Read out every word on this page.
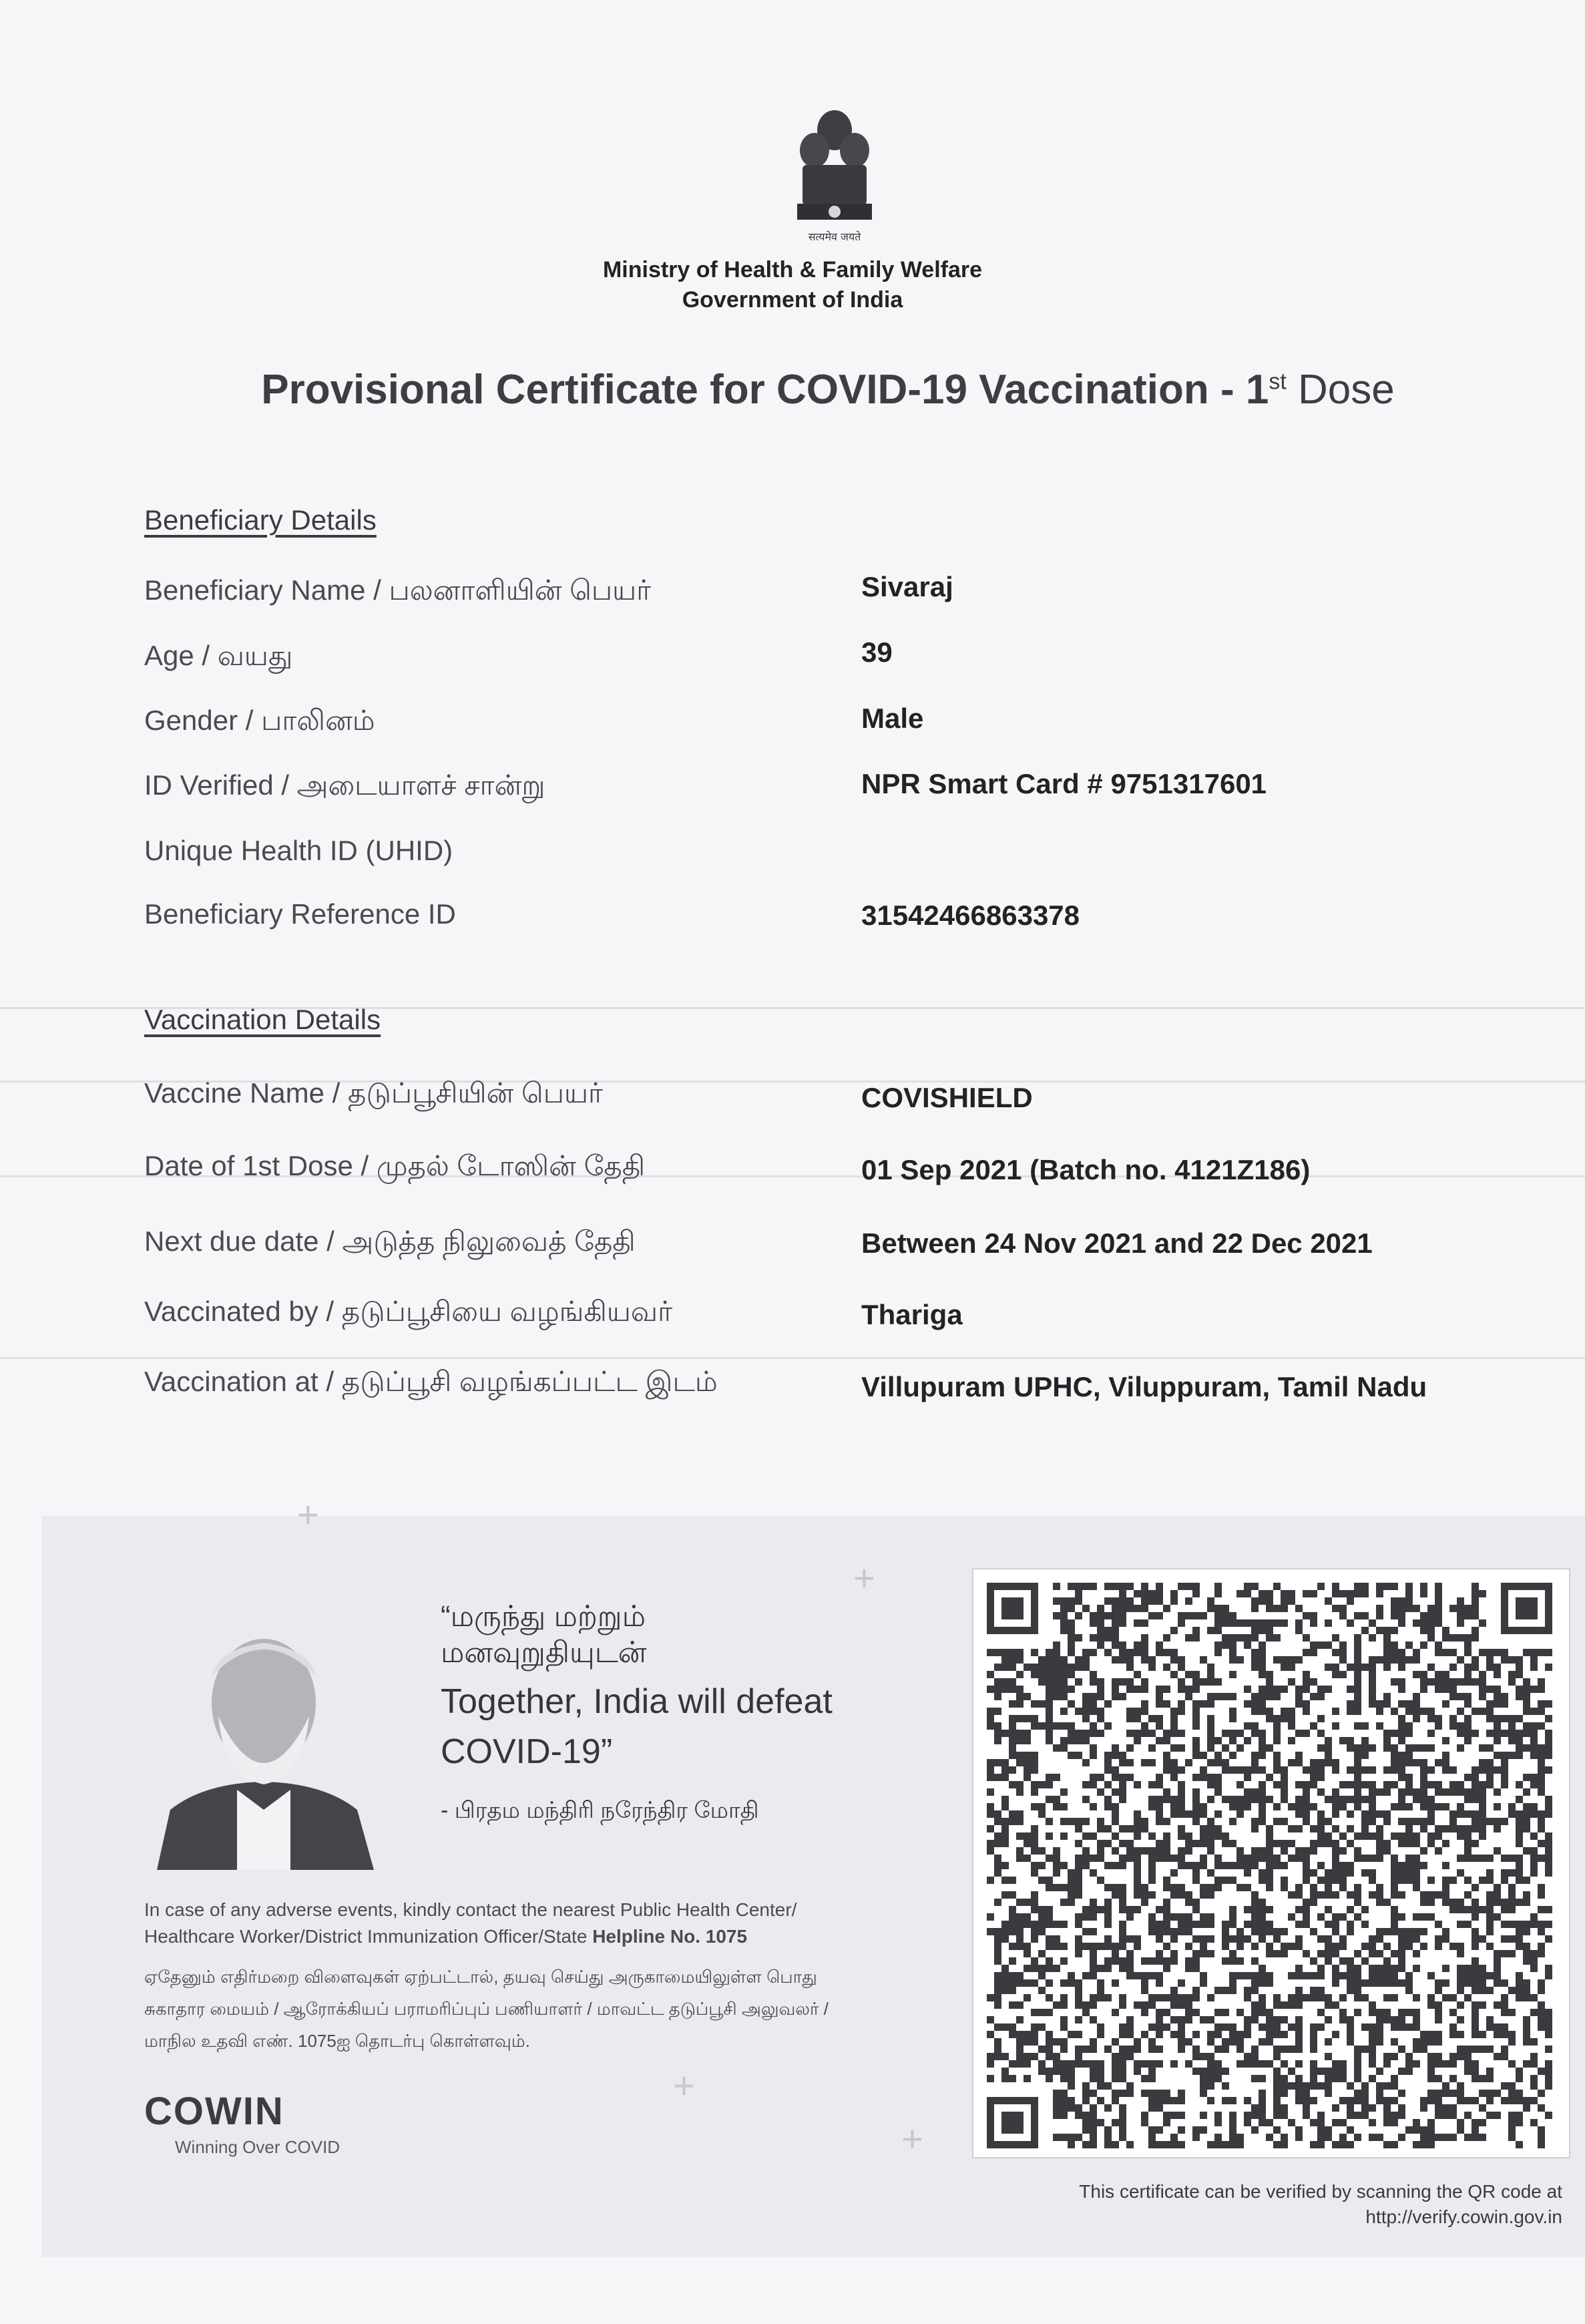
सत्यमेव जयते
Ministry of Health & Family Welfare
Government of India
Provisional Certificate for COVID-19 Vaccination - 1st Dose
Beneficiary Details
Beneficiary Name / பலனாளியின் பெயர்	Sivaraj
Age / வயது	39
Gender / பாலினம்	Male
ID Verified / அடையாளச் சான்று	NPR Smart Card # 9751317601
Unique Health ID (UHID)
Beneficiary Reference ID	31542466863378
Vaccination Details
Vaccine Name / தடுப்பூசியின் பெயர்	COVISHIELD
Date of 1st Dose / முதல் டோஸின் தேதி	01 Sep 2021 (Batch no. 4121Z186)
Next due date / அடுத்த நிலுவைத் தேதி	Between 24 Nov 2021 and 22 Dec 2021
Vaccinated by / தடுப்பூசியை வழங்கியவர்	Thariga
Vaccination at / தடுப்பூசி வழங்கப்பட்ட இடம்	Villupuram UPHC, Viluppuram, Tamil Nadu
+
+
+
+
“மருந்து மற்றும்
மனவுறுதியுடன்
Together, India will defeat
COVID-19”
- பிரதம மந்திரி நரேந்திர மோதி
In case of any adverse events, kindly contact the nearest Public Health Center/
Healthcare Worker/District Immunization Officer/State Helpline No. 1075
ஏதேனும் எதிர்மறை விளைவுகள் ஏற்பட்டால், தயவு செய்து அருகாமையிலுள்ள பொது
சுகாதார மையம் / ஆரோக்கியப் பராமரிப்புப் பணியாளர் / மாவட்ட தடுப்பூசி அலுவலர் /
மாநில உதவி எண். 1075ஐ தொடர்பு கொள்ளவும்.
COWIN
Winning Over COVID
This certificate can be verified by scanning the QR code at
http://verify.cowin.gov.in
